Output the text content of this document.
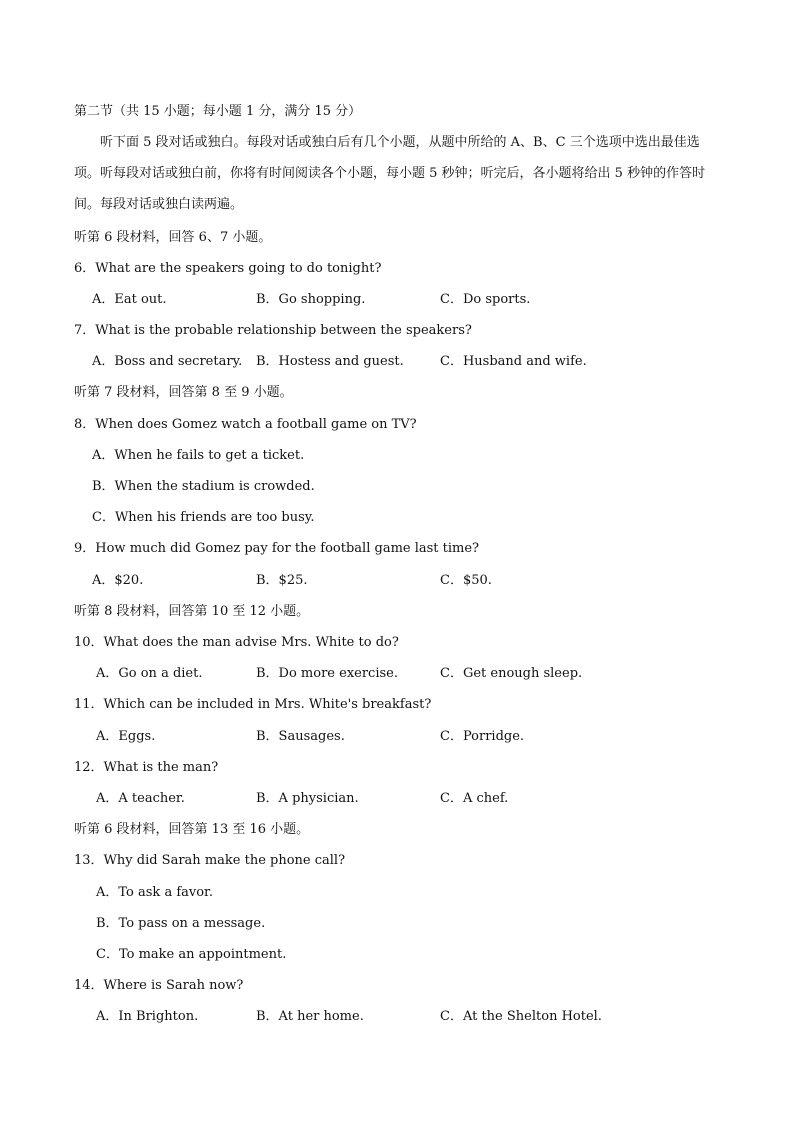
第二节（共 15 小题；每小题 1 分，满分 15 分）
听下面 5 段对话或独白。每段对话或独白后有几个小题，从题中所给的 A、B、C 三个选项中选出最佳选项。听每段对话或独白前，你将有时间阅读各个小题，每小题 5 秒钟；听完后，各小题将给出 5 秒钟的作答时间。每段对话或独白读两遍。
听第 6 段材料，回答 6、7 小题。
6．What are the speakers going to do tonight?
A．Eat out.	B．Go shopping.	C．Do sports.
7．What is the probable relationship between the speakers?
A．Boss and secretary. B．Hostess and guest.	C．Husband and wife.
听第 7 段材料，回答第 8 至 9 小题。
8．When does Gomez watch a football game on TV?
A．When he fails to get a ticket.
B．When the stadium is crowded.
C．When his friends are too busy.
9．How much did Gomez pay for the football game last time?
A．$20.	B．$25.	C．$50.
听第 8 段材料，回答第 10 至 12 小题。
10．What does the man advise Mrs. White to do?
A．Go on a diet.	B．Do more exercise.	C．Get enough sleep.
11．Which can be included in Mrs. White's breakfast?
A．Eggs.	B．Sausages.	C．Porridge.
12．What is the man?
A．A teacher.	B．A physician.	C．A chef.
听第 6 段材料，回答第 13 至 16 小题。
13．Why did Sarah make the phone call?
A．To ask a favor.
B．To pass on a message.
C．To make an appointment.
14．Where is Sarah now?
A．In Brighton.	B．At her home.	C．At the Shelton Hotel.
